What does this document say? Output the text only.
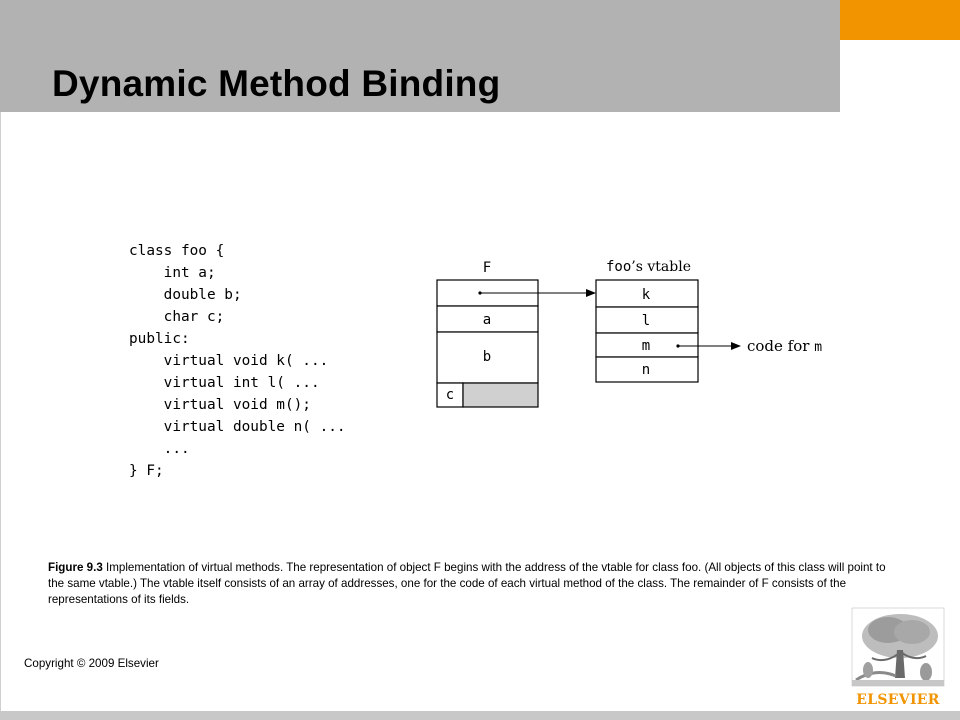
Dynamic Method Binding
class foo {
int a;
double b;
char c;
public:
virtual void k( ...
virtual int l( ...
virtual void m();
virtual double n( ...
...
} F;
F	foo’s vtable
a
b
c
k
l
m
n
code for m

Figure 9.3 Implementation of virtual methods. The representation of object F begins with the address of the vtable for class foo. (All objects of this class will point to the same vtable.) The vtable itself consists of an array of addresses, one for the code of each virtual method of the class. The remainder of F consists of the representations of its fields.

Copyright © 2009 Elsevier
ELSEVIER
